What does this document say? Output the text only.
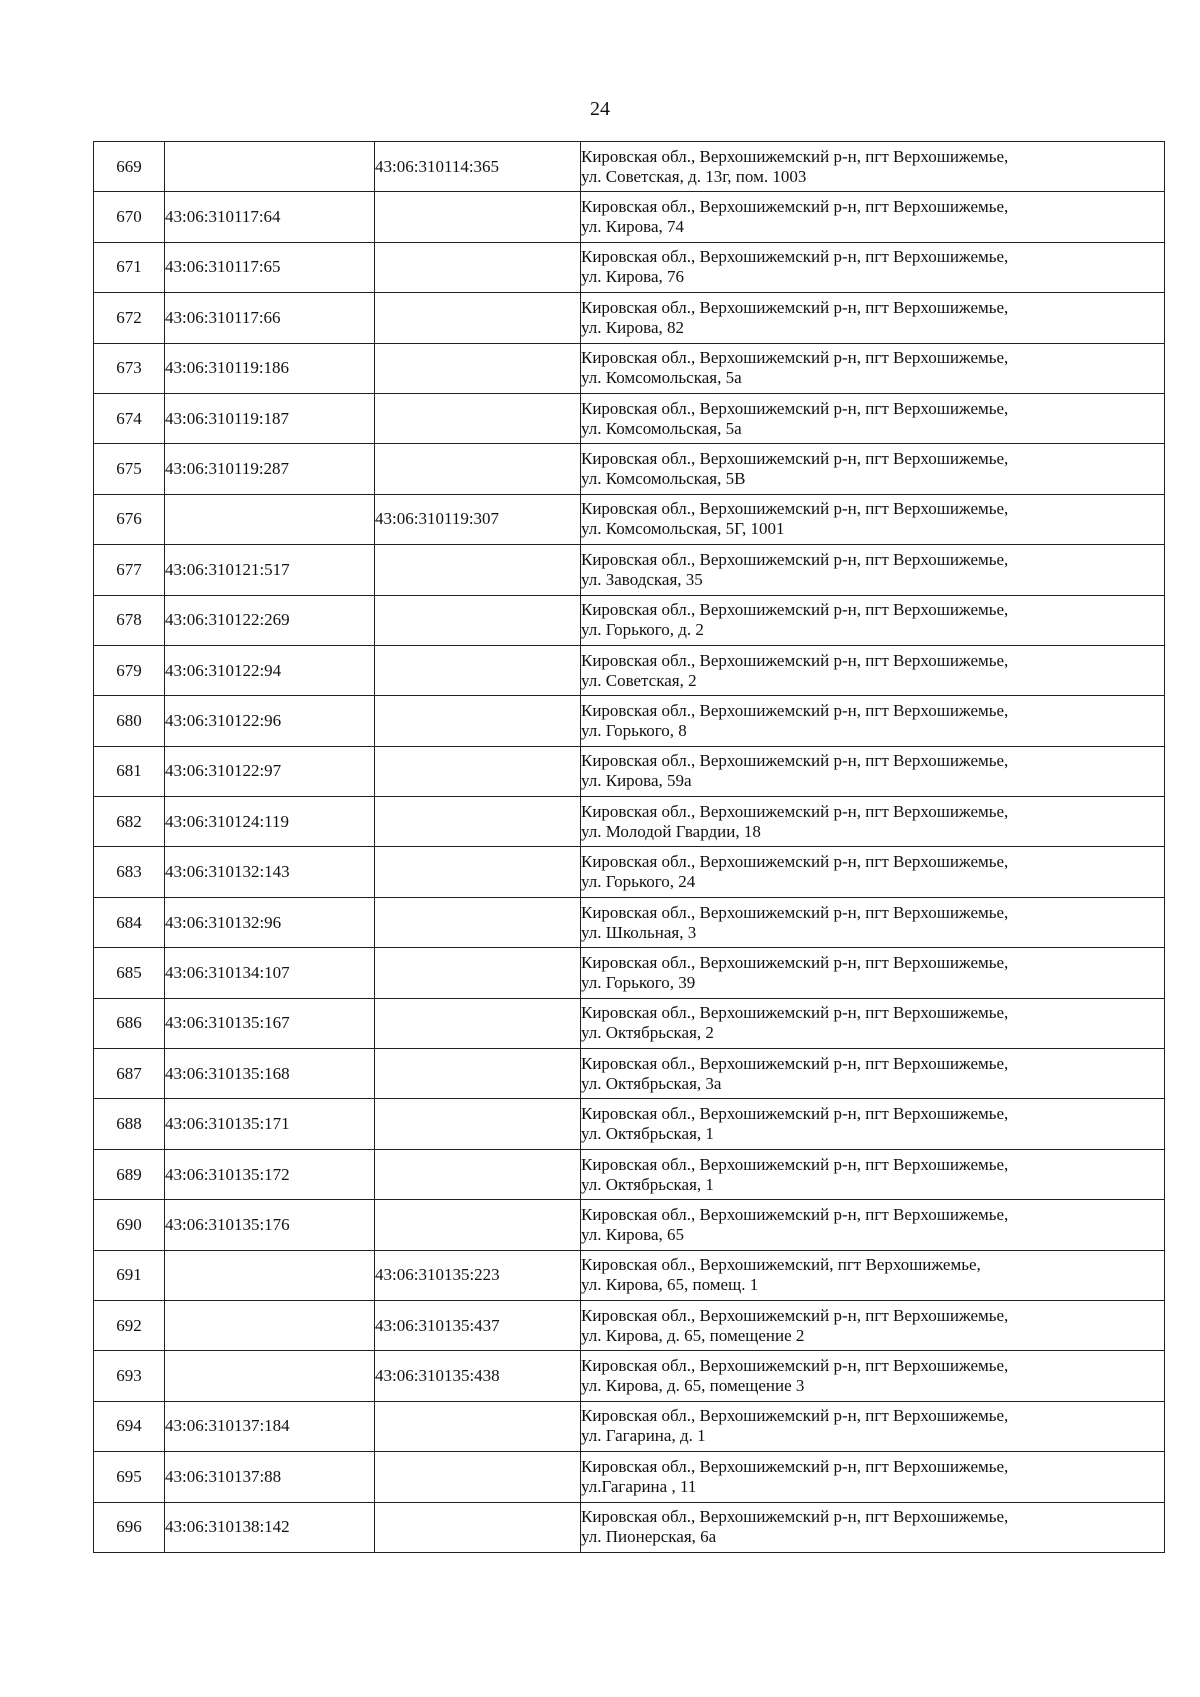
24
669		43:06:310114:365	Кировская обл., Верхошижемский р-н, пгт Верхошижемье,
ул. Советская, д. 13г, пом. 1003

670	43:06:310117:64		Кировская обл., Верхошижемский р-н, пгт Верхошижемье,
ул. Кирова, 74

671	43:06:310117:65		Кировская обл., Верхошижемский р-н, пгт Верхошижемье,
ул. Кирова, 76

672	43:06:310117:66		Кировская обл., Верхошижемский р-н, пгт Верхошижемье,
ул. Кирова, 82

673	43:06:310119:186		Кировская обл., Верхошижемский р-н, пгт Верхошижемье,
ул. Комсомольская, 5а

674	43:06:310119:187		Кировская обл., Верхошижемский р-н, пгт Верхошижемье,
ул. Комсомольская, 5а

675	43:06:310119:287		Кировская обл., Верхошижемский р-н, пгт Верхошижемье,
ул. Комсомольская, 5В

676		43:06:310119:307	Кировская обл., Верхошижемский р-н, пгт Верхошижемье,
ул. Комсомольская, 5Г, 1001

677	43:06:310121:517		Кировская обл., Верхошижемский р-н, пгт Верхошижемье,
ул. Заводская, 35

678	43:06:310122:269		Кировская обл., Верхошижемский р-н, пгт Верхошижемье,
ул. Горького, д. 2

679	43:06:310122:94		Кировская обл., Верхошижемский р-н, пгт Верхошижемье,
ул. Советская, 2

680	43:06:310122:96		Кировская обл., Верхошижемский р-н, пгт Верхошижемье,
ул. Горького, 8

681	43:06:310122:97		Кировская обл., Верхошижемский р-н, пгт Верхошижемье,
ул. Кирова, 59а

682	43:06:310124:119		Кировская обл., Верхошижемский р-н, пгт Верхошижемье,
ул. Молодой Гвардии, 18

683	43:06:310132:143		Кировская обл., Верхошижемский р-н, пгт Верхошижемье,
ул. Горького, 24

684	43:06:310132:96		Кировская обл., Верхошижемский р-н, пгт Верхошижемье,
ул. Школьная, 3

685	43:06:310134:107		Кировская обл., Верхошижемский р-н, пгт Верхошижемье,
ул. Горького, 39

686	43:06:310135:167		Кировская обл., Верхошижемский р-н, пгт Верхошижемье,
ул. Октябрьская, 2

687	43:06:310135:168		Кировская обл., Верхошижемский р-н, пгт Верхошижемье,
ул. Октябрьская, 3а

688	43:06:310135:171		Кировская обл., Верхошижемский р-н, пгт Верхошижемье,
ул. Октябрьская, 1

689	43:06:310135:172		Кировская обл., Верхошижемский р-н, пгт Верхошижемье,
ул. Октябрьская, 1

690	43:06:310135:176		Кировская обл., Верхошижемский р-н, пгт Верхошижемье,
ул. Кирова, 65

691		43:06:310135:223	Кировская обл., Верхошижемский, пгт Верхошижемье,
ул. Кирова, 65, помещ. 1

692		43:06:310135:437	Кировская обл., Верхошижемский р-н, пгт Верхошижемье,
ул. Кирова, д. 65, помещение 2

693		43:06:310135:438	Кировская обл., Верхошижемский р-н, пгт Верхошижемье,
ул. Кирова, д. 65, помещение 3

694	43:06:310137:184		Кировская обл., Верхошижемский р-н, пгт Верхошижемье,
ул. Гагарина, д. 1

695	43:06:310137:88		Кировская обл., Верхошижемский р-н, пгт Верхошижемье,
ул.Гагарина , 11

696	43:06:310138:142		Кировская обл., Верхошижемский р-н, пгт Верхошижемье,
ул. Пионерская, 6а
